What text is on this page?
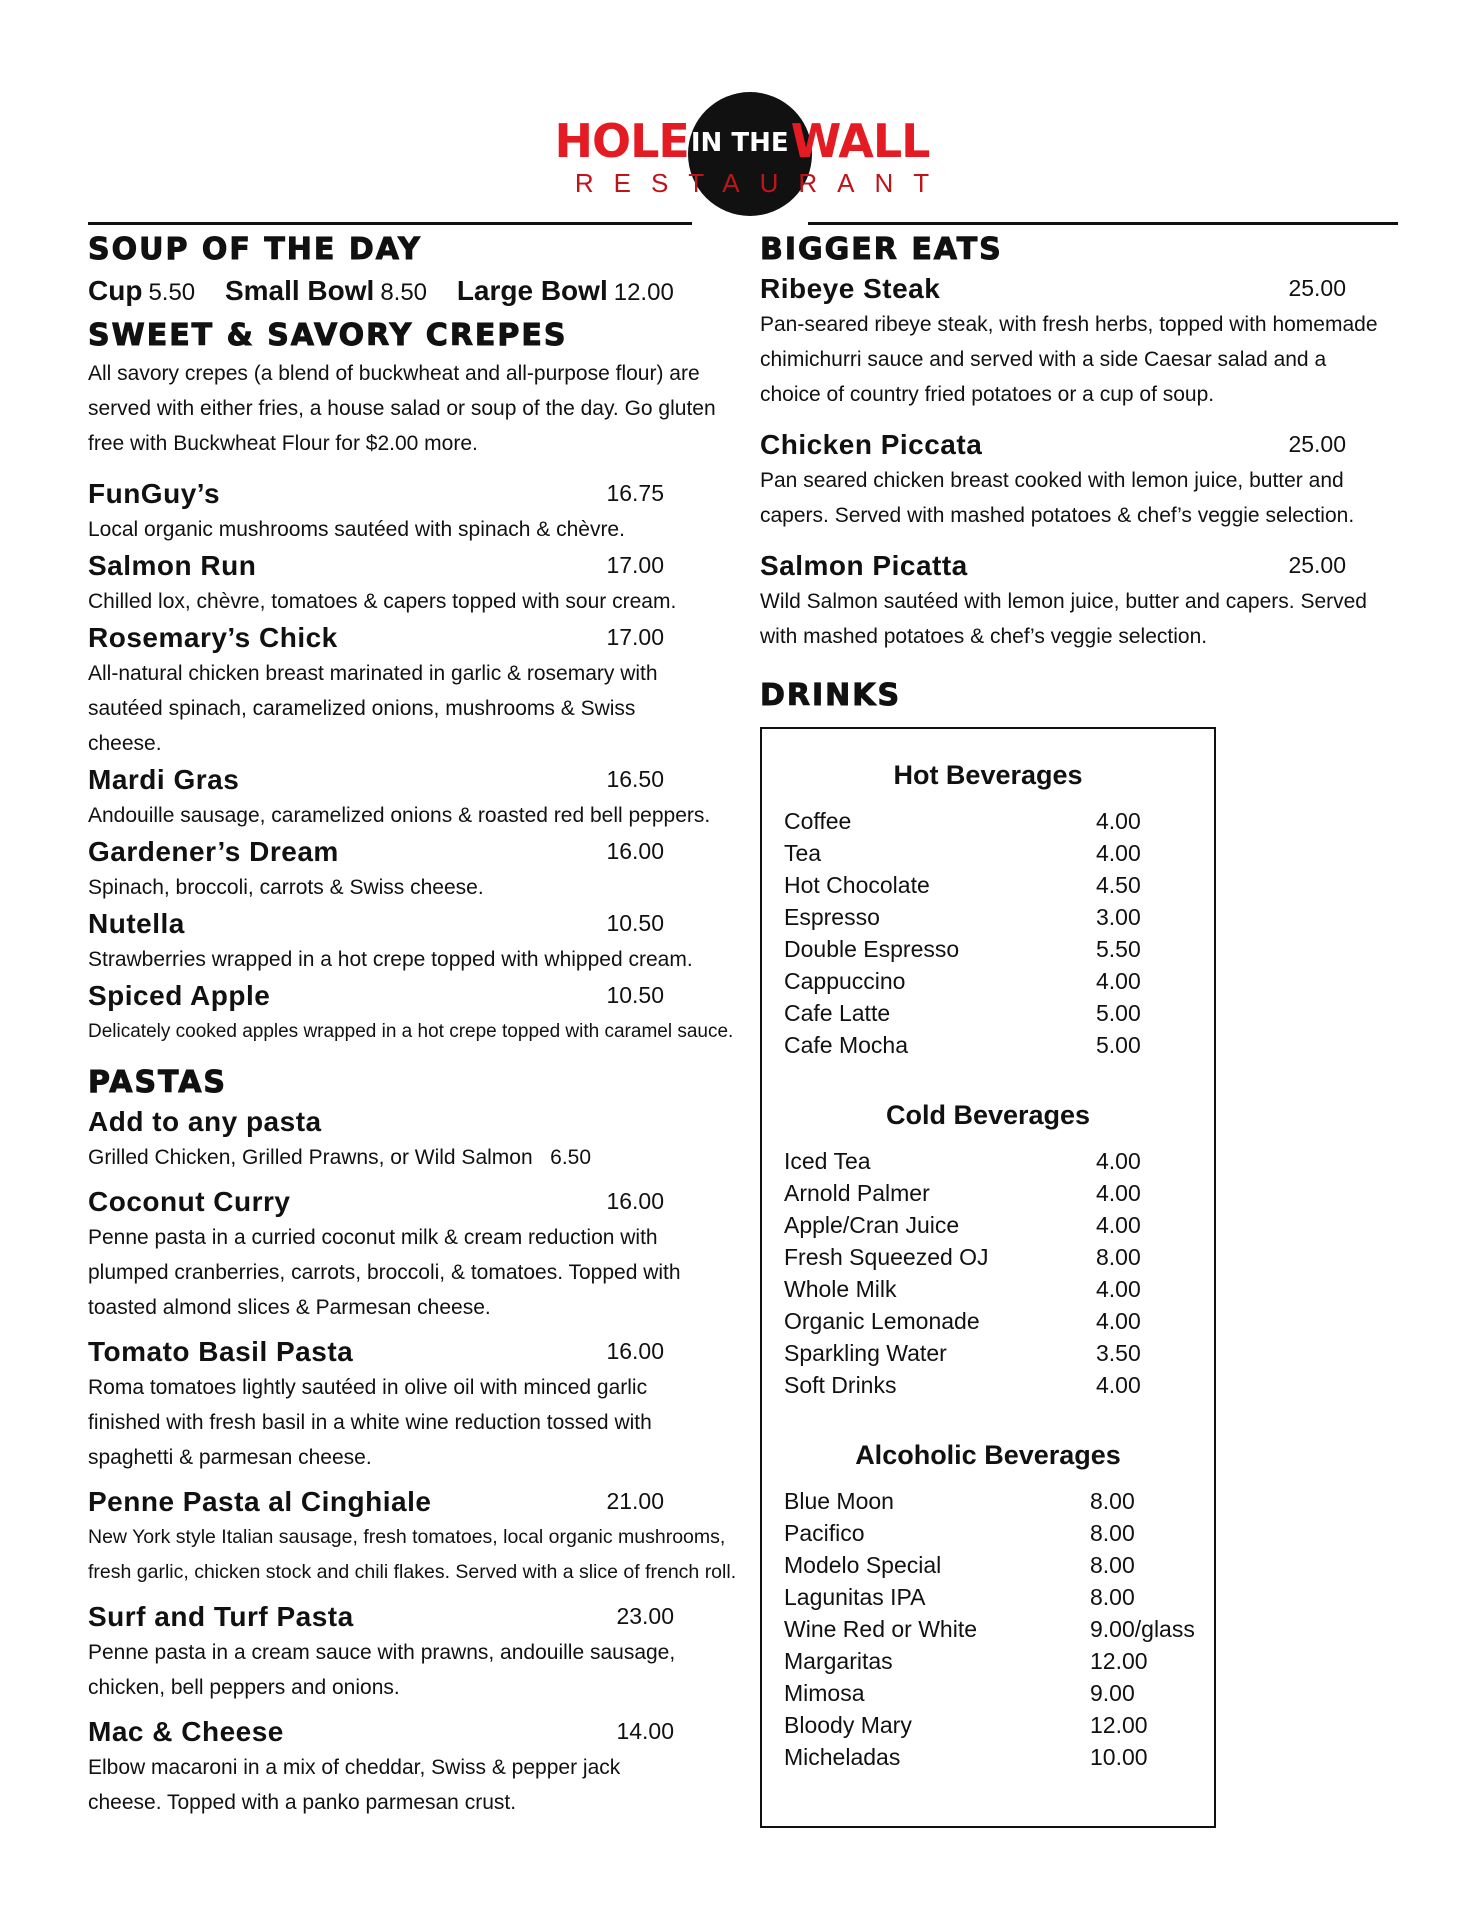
HOLEIN THEWALL
RESTAURANT
SOUP OF THE DAY
Cup 5.50 Small Bowl 8.50 Large Bowl 12.00
SWEET & SAVORY CREPES

All savory crepes (a blend of buckwheat and all-purpose flour) are served with either fries, a house salad or soup of the day. Go gluten free with Buckwheat Flour for $2.00 more.

FunGuy’s	16.75

Local organic mushrooms sautéed with spinach & chèvre.

Salmon Run	17.00

Chilled lox, chèvre, tomatoes & capers topped with sour cream.

Rosemary’s Chick	17.00

All-natural chicken breast marinated in garlic & rosemary with sautéed spinach, caramelized onions, mushrooms & Swiss cheese.

Mardi Gras	16.50

Andouille sausage, caramelized onions & roasted red bell peppers.

Gardener’s Dream	16.00

Spinach, broccoli, carrots & Swiss cheese.

Nutella	10.50

Strawberries wrapped in a hot crepe topped with whipped cream.

Spiced Apple	10.50

Delicately cooked apples wrapped in a hot crepe topped with caramel sauce.

PASTAS
Add to any pasta

Grilled Chicken, Grilled Prawns, or Wild Salmon   6.50

Coconut Curry	16.00

Penne pasta in a curried coconut milk & cream reduction with plumped cranberries, carrots, broccoli, & tomatoes. Topped with toasted almond slices & Parmesan cheese.

Tomato Basil Pasta	16.00

Roma tomatoes lightly sautéed in olive oil with minced garlic finished with fresh basil in a white wine reduction tossed with spaghetti & parmesan cheese.

Penne Pasta al Cinghiale	21.00

New York style Italian sausage, fresh tomatoes, local organic mushrooms, fresh garlic, chicken stock and chili flakes. Served with a slice of french roll.

Surf and Turf Pasta	23.00

Penne pasta in a cream sauce with prawns, andouille sausage, chicken, bell peppers and onions.

Mac & Cheese	14.00

Elbow macaroni in a mix of cheddar, Swiss & pepper jack cheese. Topped with a panko parmesan crust.

BIGGER EATS
Ribeye Steak	25.00

Pan-seared ribeye steak, with fresh herbs, topped with homemade chimichurri sauce and served with a side Caesar salad and a choice of country fried potatoes or a cup of soup.

Chicken Piccata	25.00

Pan seared chicken breast cooked with lemon juice, butter and capers. Served with mashed potatoes & chef’s veggie selection.

Salmon Picatta	25.00

Wild Salmon sautéed with lemon juice, butter and capers. Served with mashed potatoes & chef’s veggie selection.

DRINKS
Hot Beverages
Coffee	4.00
Tea	4.00
Hot Chocolate	4.50
Espresso	3.00
Double Espresso	5.50
Cappuccino	4.00
Cafe Latte	5.00
Cafe Mocha	5.00
Cold Beverages
Iced Tea	4.00
Arnold Palmer	4.00
Apple/Cran Juice	4.00
Fresh Squeezed OJ	8.00
Whole Milk	4.00
Organic Lemonade	4.00
Sparkling Water	3.50
Soft Drinks	4.00
Alcoholic Beverages
Blue Moon	8.00
Pacifico	8.00
Modelo Special	8.00
Lagunitas IPA	8.00
Wine Red or White	9.00/glass
Margaritas	12.00
Mimosa	9.00
Bloody Mary	12.00
Micheladas	10.00
